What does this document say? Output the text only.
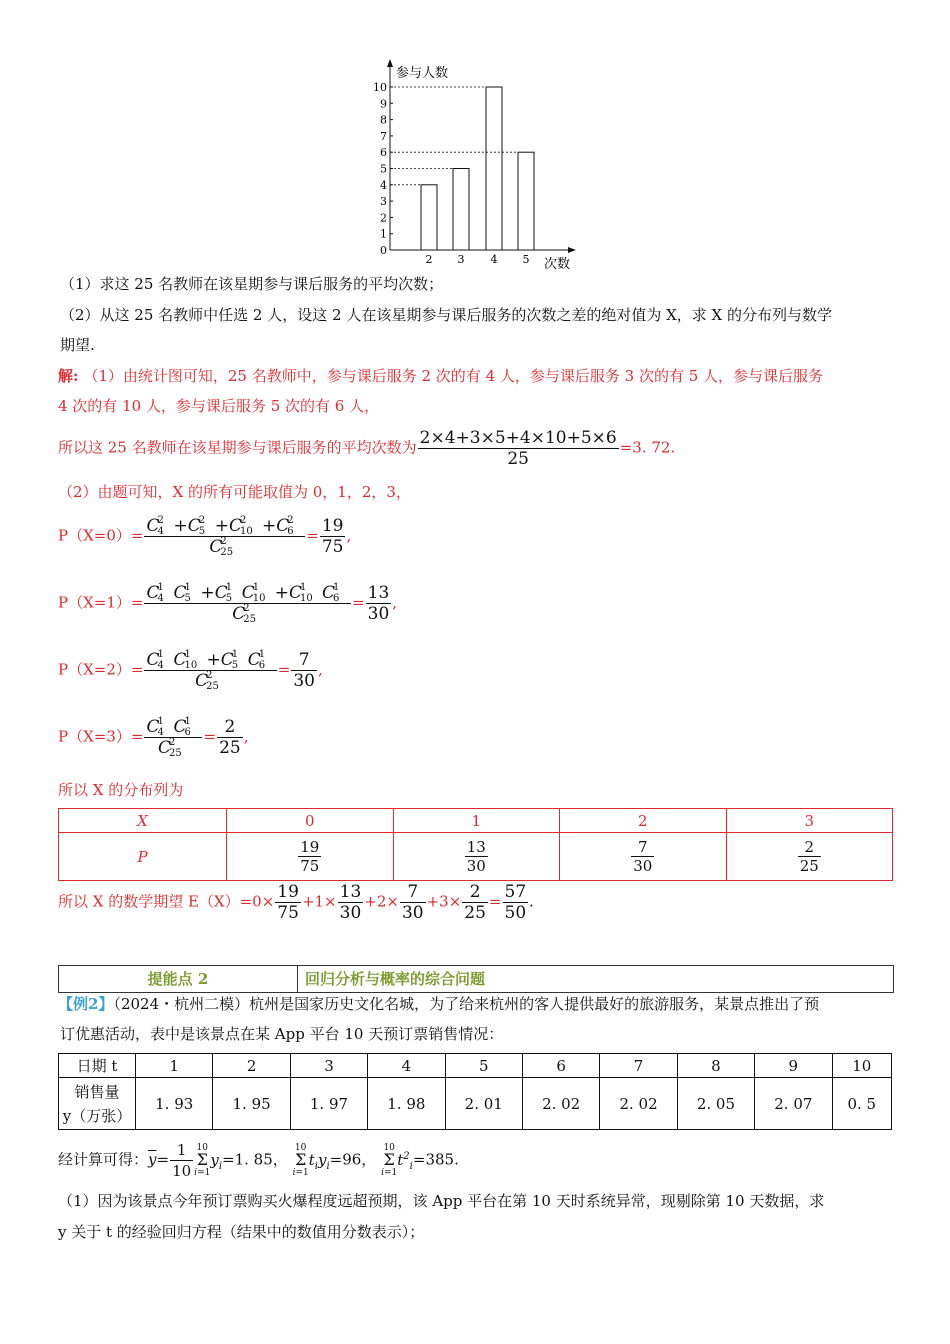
参与人数
次数
0
1
2
3
4
5
6
7
8
9
10
2 3 4 5
（1）求这 25 名教师在该星期参与课后服务的平均次数；
（2）从这 25 名教师中任选 2 人，设这 2 人在该星期参与课后服务的次数之差的绝对值为 X，求 X 的分布列与数学
期望.
解: （1）由统计图可知，25 名教师中，参与课后服务 2 次的有 4 人，参与课后服务 3 次的有 5 人，参与课后服务
4 次的有 10 人，参与课后服务 5 次的有 6 人，
所以这 25 名教师在该星期参与课后服务的平均次数为 $\frac{2\times 4+3\times 5+4\times 10+5\times 6}{25} =3$. 72.
（2）由题可知，X 的所有可能取值为 0，1，2，3，
P（X=0）= C
2
4 +C
2
5 +C
2
10 +C
2
6
C
2
$25 = \frac{19}{75}$ ,
P（X=1）= C
1
4 C
1
5 +C
1
5 C
1
10 +C
1
10 C
1
6
C
2
$25 = \frac{13}{30}$ ,
P（X=2）= C
1
4 C
1
10 +C
1
5 C
1
6
C
2
$25 = \frac{7}{30}$ ,
P（X=3）= C
1
4 C
1
6
C
2
$25 = \frac{2}{25}$ ,
所以 X 的分布列为
X	0	1	2	3
P	$\frac{19}{75}$	$\frac{13}{30}$	$\frac{7}{30}$	$\frac{2}{25}$
所以 X 的数学期望 $E(X)=0\times \frac{19}{75} +1\times \frac{13}{30} +2\times \frac{7}{30} +3\times \frac{2}{25} = \frac{57}{50}$ .
提能点 2	回归分析与概率的综合问题
【例2】（2024・杭州二模）杭州是国家历史文化名城，为了给来杭州的客人提供最好的旅游服务，某景点推出了预
订优惠活动，表中是该景点在某 App 平台 10 天预订票销售情况：
日期 t	1	2	3	4	5	6	7	8	9	10

销售量
y（万张）	1. 93	1. 95	1. 97	1. 98	2. 01	2. 02	2. 02	2. 05	2. 07	0. 5
经计算可得：$\overline{y}= \frac{1}{10} 10$
Σ
$i=1y_i=1$. 85， 10
Σ
$i=1t_iy_i=96$， 10
Σ
$i=1t^2_i=385$.
（1）因为该景点今年预订票购买火爆程度远超预期，该 App 平台在第 10 天时系统异常，现剔除第 10 天数据，求
y 关于 t 的经验回归方程（结果中的数值用分数表示）；
